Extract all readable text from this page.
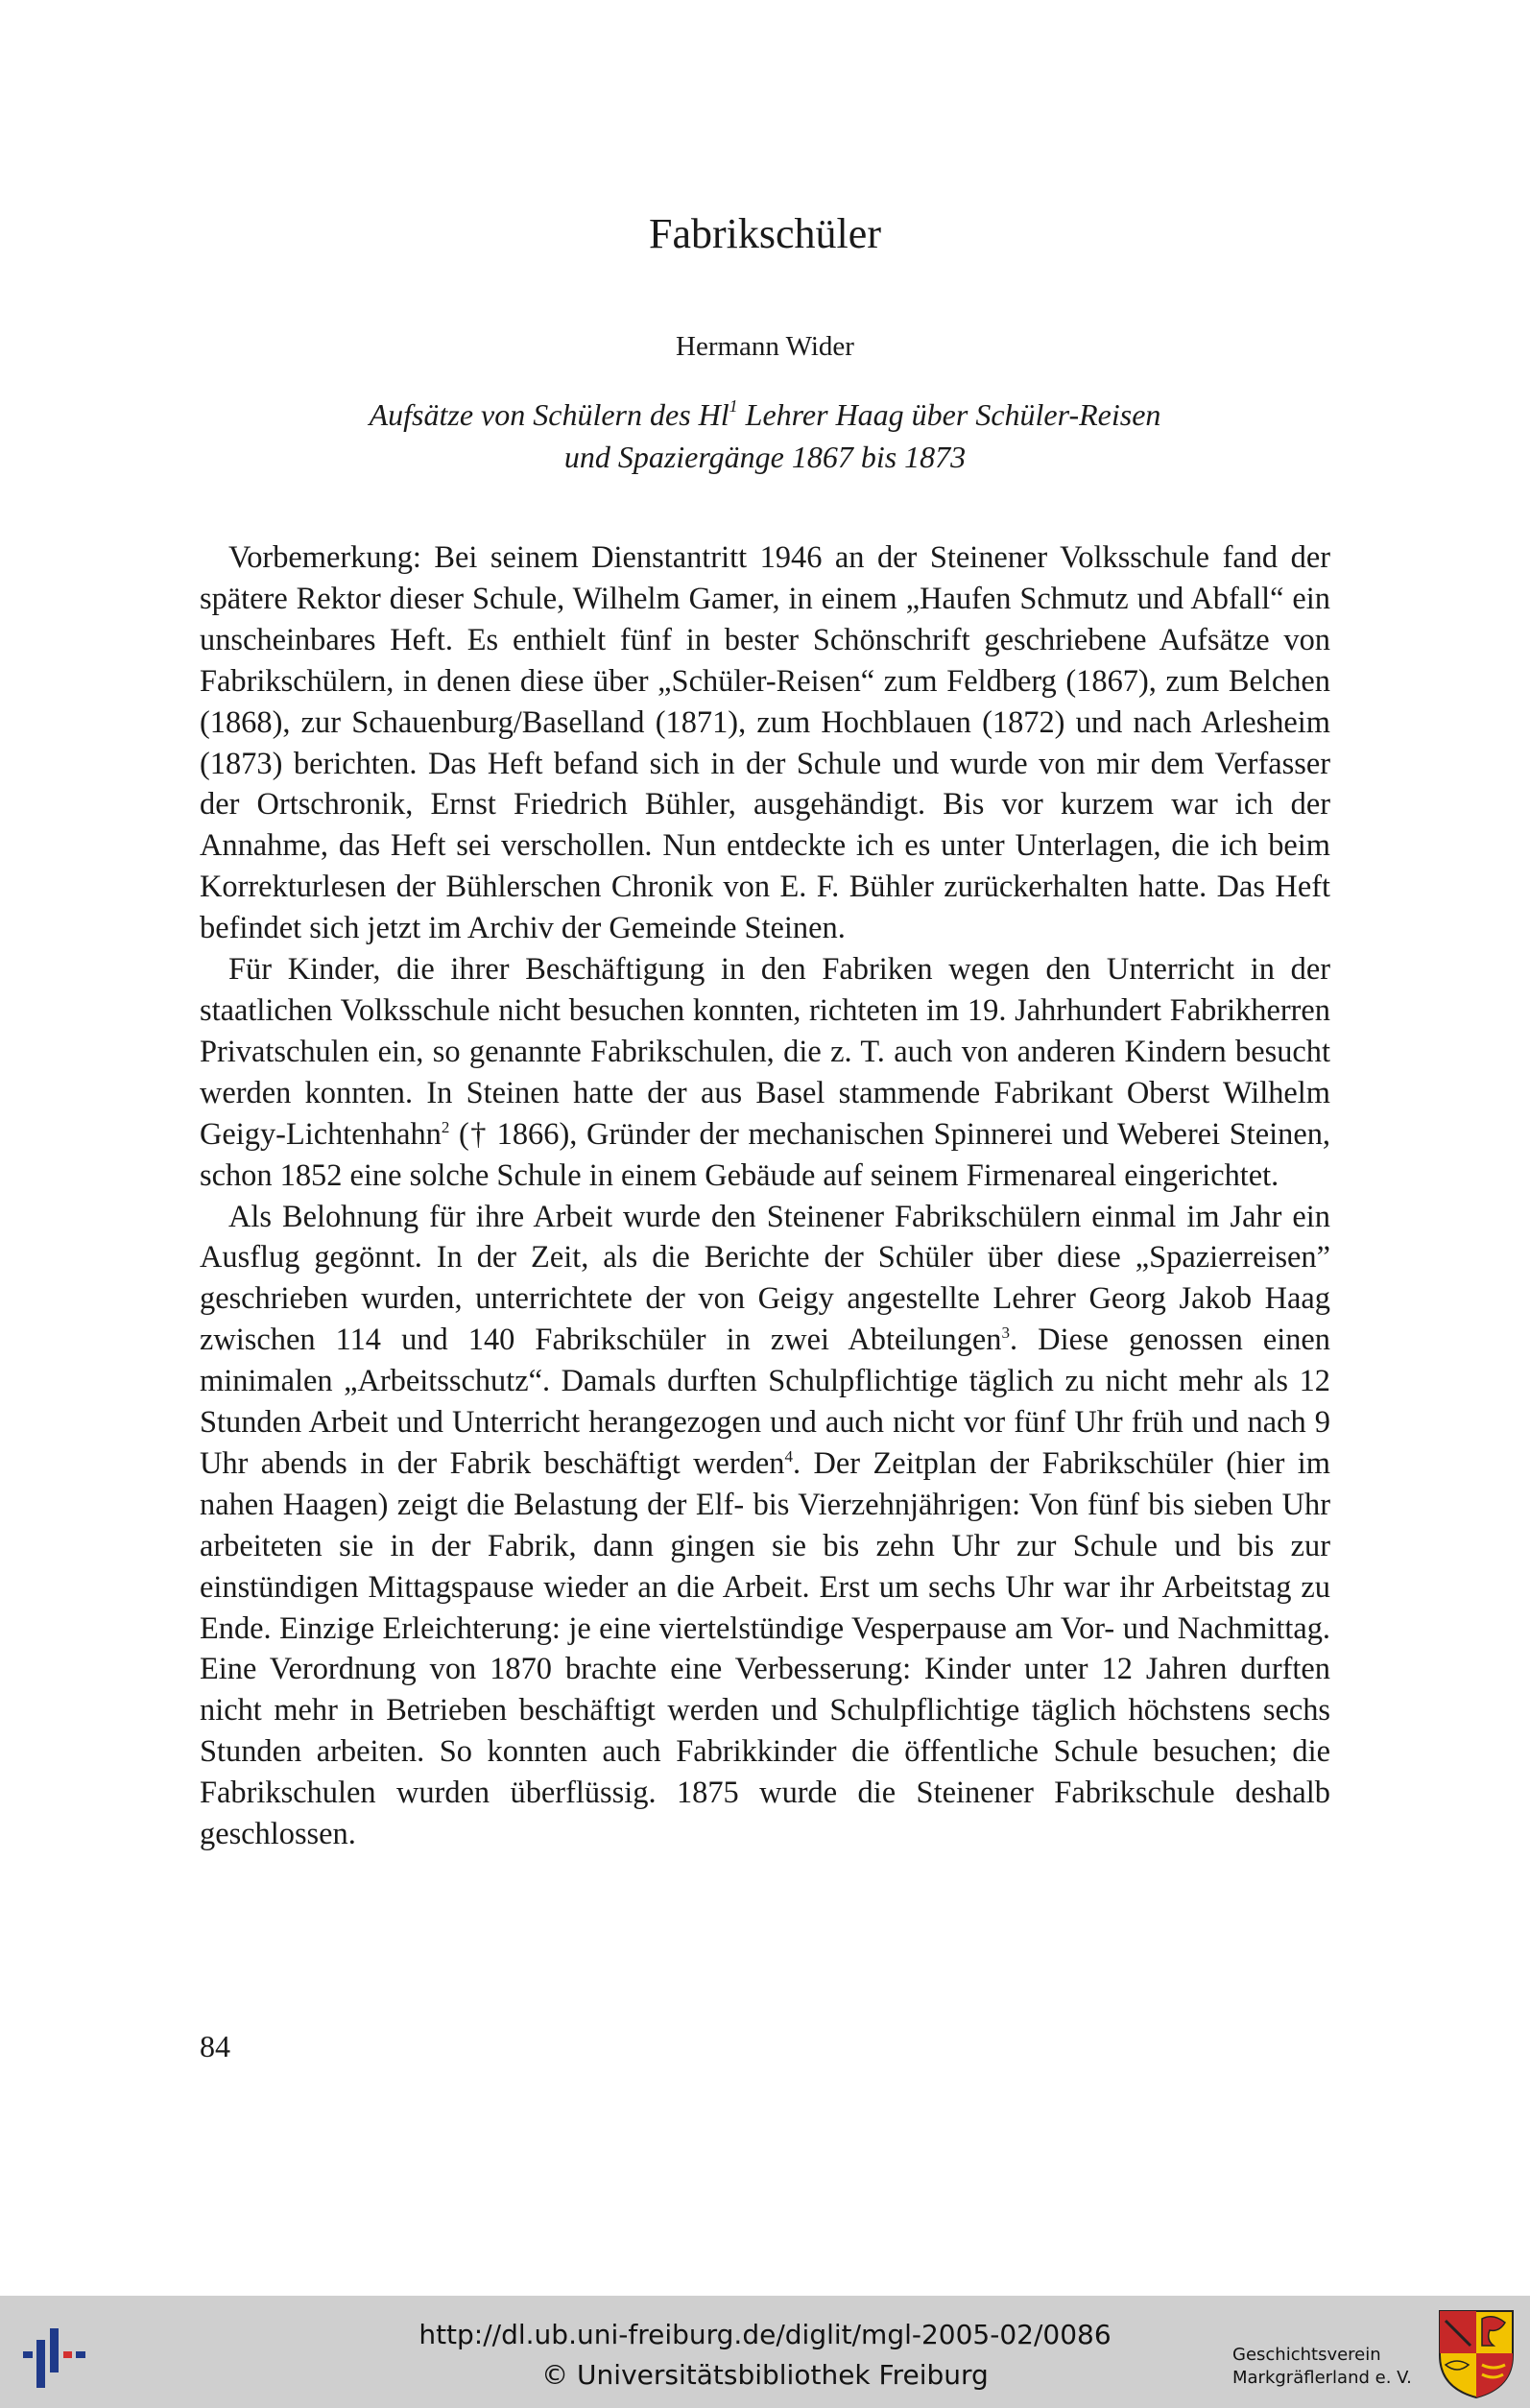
Fabrikschüler
Hermann Wider
Aufsätze von Schülern des Hl$^1$ Lehrer Haag über Schüler-Reisen
und Spaziergänge 1867 bis 1873

Vorbemerkung: Bei seinem Dienstantritt 1946 an der Steinener Volksschule fand der spätere Rektor dieser Schule, Wilhelm Gamer, in einem „Haufen Schmutz und Abfall“ ein unscheinbares Heft. Es enthielt fünf in bester Schönschrift geschriebene Aufsätze von Fabrikschülern, in denen diese über „Schüler-Reisen“ zum Feldberg (1867), zum Belchen (1868), zur Schauenburg/Baselland (1871), zum Hochblauen (1872) und nach Arlesheim (1873) berichten. Das Heft befand sich in der Schule und wurde von mir dem Verfasser der Ortschronik, Ernst Friedrich Bühler, ausgehändigt. Bis vor kurzem war ich der Annahme, das Heft sei verschollen. Nun entdeckte ich es unter Unterlagen, die ich beim Korrekturlesen der Bühlerschen Chronik von E. F. Bühler zurückerhalten hatte. Das Heft befindet sich jetzt im Archiv der Gemeinde Steinen.

Für Kinder, die ihrer Beschäftigung in den Fabriken wegen den Unterricht in der staatlichen Volksschule nicht besuchen konnten, richteten im 19. Jahrhundert Fabrikherren Privatschulen ein, so genannte Fabrikschulen, die z. T. auch von anderen Kindern besucht werden konnten. In Steinen hatte der aus Basel stammende Fabrikant Oberst Wilhelm Geigy-Lichtenhahn$^2$ († 1866), Gründer der mechanischen Spinnerei und Weberei Steinen, schon 1852 eine solche Schule in einem Gebäude auf seinem Firmenareal eingerichtet.

Als Belohnung für ihre Arbeit wurde den Steinener Fabrikschülern einmal im Jahr ein Ausflug gegönnt. In der Zeit, als die Berichte der Schüler über diese „Spazierreisen” geschrieben wurden, unterrichtete der von Geigy angestellte Lehrer Georg Jakob Haag zwischen 114 und 140 Fabrikschüler in zwei Abteilungen$^3$. Diese genossen einen minimalen „Arbeitsschutz“. Damals durften Schulpflichtige täglich zu nicht mehr als 12 Stunden Arbeit und Unterricht herangezogen und auch nicht vor fünf Uhr früh und nach 9 Uhr abends in der Fabrik beschäftigt werden$^4$. Der Zeitplan der Fabrikschüler (hier im nahen Haagen) zeigt die Belastung der Elf- bis Vierzehnjährigen: Von fünf bis sieben Uhr arbeiteten sie in der Fabrik, dann gingen sie bis zehn Uhr zur Schule und bis zur einstündigen Mittagspause wieder an die Arbeit. Erst um sechs Uhr war ihr Arbeitstag zu Ende. Einzige Erleichterung: je eine viertelstündige Vesperpause am Vor- und Nachmittag. Eine Verordnung von 1870 brachte eine Verbesserung: Kinder unter 12 Jahren durften nicht mehr in Betrieben beschäftigt werden und Schulpflichtige täglich höchstens sechs Stunden arbeiten. So konnten auch Fabrikkinder die öffentliche Schule besuchen; die Fabrikschulen wurden überflüssig. 1875 wurde die Steinener Fabrikschule deshalb geschlossen.

84
http://dl.ub.uni-freiburg.de/diglit/mgl-2005-02/0086
© Universitätsbibliothek Freiburg
Geschichtsverein
Markgräflerland e. V.
